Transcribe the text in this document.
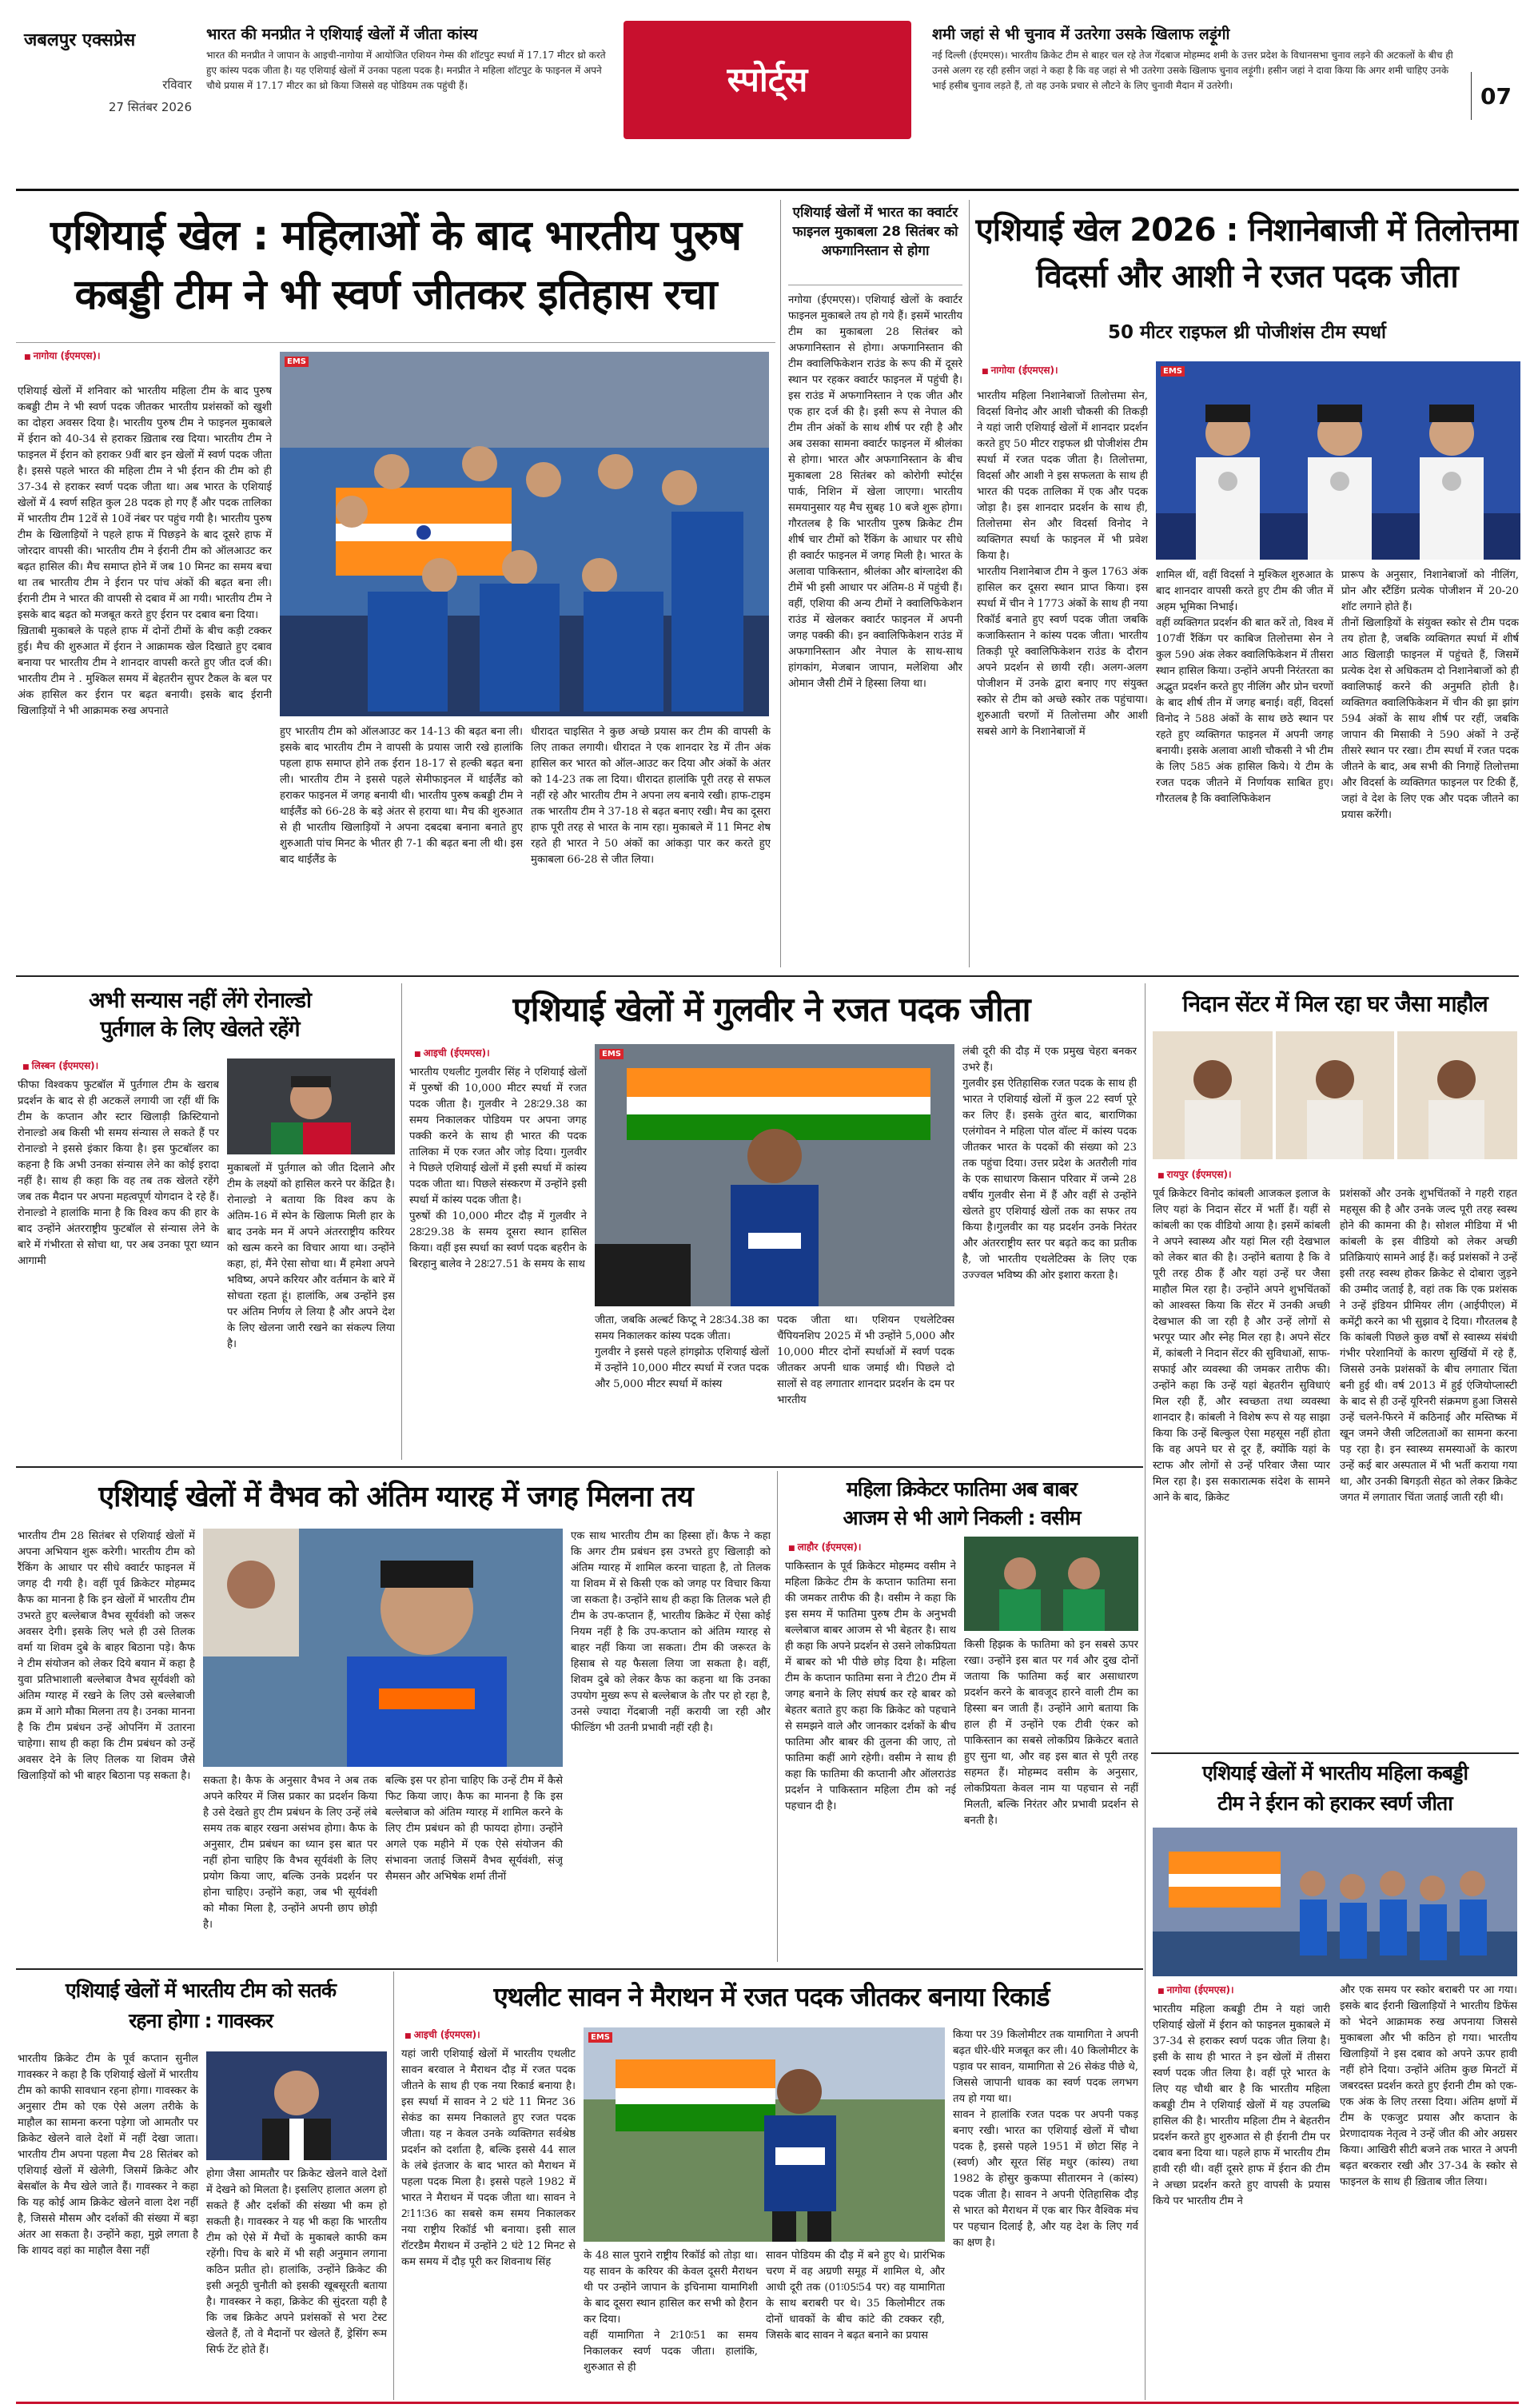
जबलपुर एक्सप्रेस
रविवार
27 सितंबर 2026
भारत की मनप्रीत ने एशियाई खेलों में जीता कांस्य
भारत की मनप्रीत ने जापान के आइची-नागोया में आयोजित एशियन गेम्स की शॉटपुट स्पर्धा में 17.17 मीटर थ्रो करते हुए कांस्य पदक जीता है। यह एशियाई खेलों में उनका पहला पदक है। मनप्रीत ने महिला शॉटपुट के फाइनल में अपने चौथे प्रयास में 17.17 मीटर का थ्रो किया जिससे वह पोडियम तक पहुंची हैं।	स्पोर्ट्स
शमी जहां से भी चुनाव में उतरेगा उसके खिलाफ लड़ूंगी
नई दिल्ली (ईएमएस)। भारतीय क्रिकेट टीम से बाहर चल रहे तेज गेंदबाज मोहम्मद शमी के उत्तर प्रदेश के विधानसभा चुनाव लड़ने की अटकलों के बीच ही उनसे अलग रह रही हसीन जहां ने कहा है कि वह जहां से भी उतरेगा उसके खिलाफ चुनाव लड़ूंगी। हसीन जहां ने दावा किया कि अगर शमी चाहिए उनके भाई हसीब चुनाव लड़ते हैं, तो वह उनके प्रचार से लौटने के लिए चुनावी मैदान में उतरेगी।	07
एशियाई खेल : महिलाओं के बाद भारतीय पुरुष
कबड्डी टीम ने भी स्वर्ण जीतकर इतिहास रचा
■ नागोया (ईएमएस)।
एशियाई खेलों में शनिवार को भारतीय महिला टीम के बाद पुरुष कबड्डी टीम ने भी स्वर्ण पदक जीतकर भारतीय प्रशंसकों को खुशी का दोहरा अवसर दिया है। भारतीय पुरुष टीम ने फाइनल मुकाबले में ईरान को 40-34 से हराकर ख़िताब रख दिया। भारतीय टीम ने फाइनल में ईरान को हराकर 9वीं बार इन खेलों में स्वर्ण पदक जीता है। इससे पहले भारत की महिला टीम ने भी ईरान की टीम को ही 37-34 से हराकर स्वर्ण पदक जीता था। अब भारत के एशियाई खेलों में 4 स्वर्ण सहित कुल 28 पदक हो गए हैं और पदक तालिका में भारतीय टीम 12वें से 10वें नंबर पर पहुंच गयी है। भारतीय पुरुष टीम के खिलाड़ियों ने पहले हाफ में पिछड़ने के बाद दूसरे हाफ में जोरदार वापसी की। भारतीय टीम ने ईरानी टीम को ऑलआउट कर बढ़त हासिल की। मैच समाप्त होने में जब 10 मिनट का समय बचा था तब भारतीय टीम ने ईरान पर पांच अंकों की बढ़त बना ली। ईरानी टीम ने भारत की वापसी से दबाव में आ गयी। भारतीय टीम ने इसके बाद बढ़त को मजबूत करते हुए ईरान पर दबाव बना दिया।
ख़िताबी मुकाबले के पहले हाफ में दोनों टीमों के बीच कड़ी टक्कर हुई। मैच की शुरुआत में ईरान ने आक्रामक खेल दिखाते हुए दबाव बनाया पर भारतीय टीम ने शानदार वापसी करते हुए जीत दर्ज की। भारतीय टीम ने . मुश्किल समय में बेहतरीन सुपर टैकल के बल पर अंक हासिल कर ईरान पर बढ़त बनायी। इसके बाद ईरानी खिलाड़ियों ने भी आक्रामक रुख अपनाते
EMS
हुए भारतीय टीम को ऑलआउट कर 14-13 की बढ़त बना ली। इसके बाद भारतीय टीम ने वापसी के प्रयास जारी रखे हालांकि पहला हाफ समाप्त होने तक ईरान 18-17 से हल्की बढ़त बना ली। भारतीय टीम ने इससे पहले सेमीफाइनल में थाईलैंड को हराकर फाइनल में जगह बनायी थी। भारतीय पुरुष कबड्डी टीम ने थाईलैंड को 66-28 के बड़े अंतर से हराया था। मैच की शुरुआत से ही भारतीय खिलाड़ियों ने अपना दबदबा बनाना बनाते हुए शुरुआती पांच मिनट के भीतर ही 7-1 की बढ़त बना ली थी। इस बाद थाईलैंड के
धीरादत चाइसित ने कुछ अच्छे प्रयास कर टीम की वापसी के लिए ताकत लगायी। धीरादत ने एक शानदार रेड में तीन अंक हासिल कर भारत को ऑल-आउट कर दिया और अंकों के अंतर को 14-23 तक ला दिया। धीरादत हालांकि पूरी तरह से सफल नहीं रहे और भारतीय टीम ने अपना लय बनाये रखी। हाफ-टाइम तक भारतीय टीम ने 37-18 से बढ़त बनाए रखी। मैच का दूसरा हाफ पूरी तरह से भारत के नाम रहा। मुकाबले में 11 मिनट शेष रहते ही भारत ने 50 अंकों का आंकड़ा पार कर करते हुए मुकाबला 66-28 से जीत लिया।
एशियाई खेलों में भारत का क्वार्टर फाइनल मुकाबला 28 सितंबर को अफगानिस्तान से होगा
नगोया (ईएमएस)। एशियाई खेलों के क्वार्टर फाइनल मुकाबले तय हो गये हैं। इसमें भारतीय टीम का मुकाबला 28 सितंबर को अफगानिस्तान से होगा। अफगानिस्तान की टीम क्वालिफिकेशन राउंड के रूप की में दूसरे स्थान पर रहकर क्वार्टर फाइनल में पहुंची है। इस राउंड में अफगानिस्तान ने एक जीत और एक हार दर्ज की है। इसी रूप से नेपाल की टीम तीन अंकों के साथ शीर्ष पर रही है और अब उसका सामना क्वार्टर फाइनल में श्रीलंका से होगा। भारत और अफगानिस्तान के बीच मुकाबला 28 सितंबर को कोरोगी स्पोर्ट्स पार्क, निशिन में खेला जाएगा। भारतीय समयानुसार यह मैच सुबह 10 बजे शुरू होगा। गौरतलब है कि भारतीय पुरुष क्रिकेट टीम शीर्ष चार टीमों को रैंकिंग के आधार पर सीधे ही क्वार्टर फाइनल में जगह मिली है। भारत के अलावा पाकिस्तान, श्रीलंका और बांग्लादेश की टीमें भी इसी आधार पर अंतिम-8 में पहुंची हैं। वहीं, एशिया की अन्य टीमों ने क्वालिफिकेशन राउंड में खेलकर क्वार्टर फाइनल में अपनी जगह पक्की की। इन क्वालिफिकेशन राउंड में अफगानिस्तान और नेपाल के साथ-साथ हांगकांग, मेजबान जापान, मलेशिया और ओमान जैसी टीमें ने हिस्सा लिया था।
एशियाई खेल 2026 : निशानेबाजी में तिलोत्तमा
विदर्सा और आशी ने रजत पदक जीता
50 मीटर राइफल थ्री पोजीशंस टीम स्पर्धा
■ नागोया (ईएमएस)।
भारतीय महिला निशानेबाजों तिलोत्तमा सेन, विदर्सा विनोद और आशी चौकसी की तिकड़ी ने यहां जारी एशियाई खेलों में शानदार प्रदर्शन करते हुए 50 मीटर राइफल थ्री पोजीशंस टीम स्पर्धा में रजत पदक जीता है। तिलोत्तमा, विदर्सा और आशी ने इस सफलता के साथ ही भारत की पदक तालिका में एक और पदक जोड़ा है। इस शानदार प्रदर्शन के साथ ही, तिलोत्तमा सेन और विदर्सा विनोद ने व्यक्तिगत स्पर्धा के फाइनल में भी प्रवेश किया है।
भारतीय निशानेबाज टीम ने कुल 1763 अंक हासिल कर दूसरा स्थान प्राप्त किया। इस स्पर्धा में चीन ने 1773 अंकों के साथ ही नया रिकॉर्ड बनाते हुए स्वर्ण पदक जीता जबकि कजाकिस्तान ने कांस्य पदक जीता। भारतीय तिकड़ी पूरे क्वालिफिकेशन राउंड के दौरान अपने प्रदर्शन से छायी रही। अलग-अलग पोजीशन में उनके द्वारा बनाए गए संयुक्त स्कोर से टीम को अच्छे स्कोर तक पहुंचाया। शुरुआती चरणों में तिलोत्तमा और आशी सबसे आगे के निशानेबाजों में
EMS
शामिल थीं, वहीं विदर्सा ने मुश्किल शुरुआत के बाद शानदार वापसी करते हुए टीम की जीत में अहम भूमिका निभाई।
वहीं व्यक्तिगत प्रदर्शन की बात करें तो, विश्व में 107वीं रैंकिंग पर काबिज तिलोत्तमा सेन ने कुल 590 अंक लेकर क्वालिफिकेशन में तीसरा स्थान हासिल किया। उन्होंने अपनी निरंतरता का अद्भुत प्रदर्शन करते हुए नीलिंग और प्रोन चरणों के बाद शीर्ष तीन में जगह बनाई। वहीं, विदर्सा विनोद ने 588 अंकों के साथ छठे स्थान पर रहते हुए व्यक्तिगत फाइनल में अपनी जगह बनायी। इसके अलावा आशी चौकसी ने भी टीम के लिए 585 अंक हासिल किये। ये टीम के रजत पदक जीतने में निर्णायक साबित हुए। गौरतलब है कि क्वालिफिकेशन
प्रारूप के अनुसार, निशानेबाजों को नीलिंग, प्रोन और स्टैंडिंग प्रत्येक पोजीशन में 20-20 शॉट लगाने होते हैं।
तीनों खिलाड़ियों के संयुक्त स्कोर से टीम पदक तय होता है, जबकि व्यक्तिगत स्पर्धा में शीर्ष आठ खिलाड़ी फाइनल में पहुंचते हैं, जिसमें प्रत्येक देश से अधिकतम दो निशानेबाजों को ही क्वालिफाई करने की अनुमति होती है। व्यक्तिगत क्वालिफिकेशन में चीन की झा झांग 594 अंकों के साथ शीर्ष पर रहीं, जबकि जापान की मिसाकी ने 590 अंकों ने उन्हें तीसरे स्थान पर रखा। टीम स्पर्धा में रजत पदक जीतने के बाद, अब सभी की निगाहें तिलोत्तमा और विदर्सा के व्यक्तिगत फाइनल पर टिकी हैं, जहां वे देश के लिए एक और पदक जीतने का प्रयास करेंगी।
अभी सन्यास नहीं लेंगे रोनाल्डो
पुर्तगाल के लिए खेलते रहेंगे
■ लिस्बन (ईएमएस)।
फीफा विश्वकप फुटबॉल में पुर्तगाल टीम के खराब प्रदर्शन के बाद से ही अटकलें लगायी जा रहीं थीं कि टीम के कप्तान और स्टार खिलाड़ी क्रिस्टियानो रोनाल्डो अब किसी भी समय संन्यास ले सकते हैं पर रोनाल्डो ने इससे इंकार किया है। इस फुटबॉलर का कहना है कि अभी उनका संन्यास लेने का कोई इरादा नहीं है। साथ ही कहा कि वह तब तक खेलते रहेंगे जब तक मैदान पर अपना महत्वपूर्ण योगदान दे रहे हैं। रोनाल्डो ने हालांकि माना है कि विश्व कप की हार के बाद उन्होंने अंतरराष्ट्रीय फुटबॉल से संन्यास लेने के बारे में गंभीरता से सोचा था, पर अब उनका पूरा ध्यान आगामी
मुकाबलों में पुर्तगाल को जीत दिलाने और टीम के लक्ष्यों को हासिल करने पर केंद्रित है। रोनाल्डो ने बताया कि विश्व कप के अंतिम-16 में स्पेन के खिलाफ मिली हार के बाद उनके मन में अपने अंतरराष्ट्रीय करियर को खत्म करने का विचार आया था। उन्होंने कहा, हां, मैंने ऐसा सोचा था। मैं हमेशा अपने भविष्य, अपने करियर और वर्तमान के बारे में सोचता रहता हूं। हालांकि, अब उन्होंने इस पर अंतिम निर्णय ले लिया है और अपने देश के लिए खेलना जारी रखने का संकल्प लिया है।
एशियाई खेलों में गुलवीर ने रजत पदक जीता
■ आइची (ईएमएस)।
भारतीय एथलीट गुलवीर सिंह ने एशियाई खेलों में पुरुषों की 10,000 मीटर स्पर्धा में रजत पदक जीता है। गुलवीर ने 28ः29.38 का समय निकालकर पोडियम पर अपना जगह पक्की करने के साथ ही भारत की पदक तालिका में एक रजत और जोड़ दिया। गुलवीर ने पिछले एशियाई खेलों में इसी स्पर्धा में कांस्य पदक जीता था। पिछले संस्करण में उन्होंने इसी स्पर्धा में कांस्य पदक जीता है।
पुरुषों की 10,000 मीटर दौड़ में गुलवीर ने 28ः29.38 के समय दूसरा स्थान हासिल किया। वहीं इस स्पर्धा का स्वर्ण पदक बहरीन के बिरहानु बालेव ने 28ः27.51 के समय के साथ
EMS
जीता, जबकि अल्बर्ट किप्टू ने 28ः34.38 का समय निकालकर कांस्य पदक जीता।
गुलवीर ने इससे पहले हांगझोऊ एशियाई खेलों में उन्होंने 10,000 मीटर स्पर्धा में रजत पदक और 5,000 मीटर स्पर्धा में कांस्य
पदक जीता था। एशियन एथलेटिक्स चैंपियनशिप 2025 में भी उन्होंने 5,000 और 10,000 मीटर दोनों स्पर्धाओं में स्वर्ण पदक जीतकर अपनी धाक जमाई थी। पिछले दो सालों से वह लगातार शानदार प्रदर्शन के दम पर भारतीय
लंबी दूरी की दौड़ में एक प्रमुख चेहरा बनकर उभरे हैं।
गुलवीर इस ऐतिहासिक रजत पदक के साथ ही भारत ने एशियाई खेलों में कुल 22 स्वर्ण पूरे कर लिए हैं। इसके तुरंत बाद, बाराणिका एलंगोवन ने महिला पोल वॉल्ट में कांस्य पदक जीतकर भारत के पदकों की संख्या को 23 तक पहुंचा दिया। उत्तर प्रदेश के अतरौली गांव के एक साधारण किसान परिवार में जन्मे 28 वर्षीय गुलवीर सेना में हैं और वहीं से उन्होंने खेलते हुए एशियाई खेलों तक का सफर तय किया है।गुलवीर का यह प्रदर्शन उनके निरंतर और अंतरराष्ट्रीय स्तर पर बढ़ते कद का प्रतीक है, जो भारतीय एथलेटिक्स के लिए एक उज्ज्वल भविष्य की ओर इशारा करता है।
निदान सेंटर में मिल रहा घर जैसा माहौल
■ रायपुर (ईएमएस)।
पूर्व क्रिकेटर विनोद कांबली आजकल इलाज के लिए यहां के निदान सेंटर में भर्ती हैं। यहीं से कांबली का एक वीडियो आया है। इसमें कांबली ने अपने स्वास्थ्य और यहां मिल रही देखभाल को लेकर बात की है। उन्होंने बताया है कि वे पूरी तरह ठीक हैं और यहां उन्हें घर जैसा माहौल मिल रहा है। उन्होंने अपने शुभचिंतकों को आश्वस्त किया कि सेंटर में उनकी अच्छी देखभाल की जा रही है और उन्हें लोगों से भरपूर प्यार और स्नेह मिल रहा है। अपने सेंटर में, कांबली ने निदान सेंटर की सुविधाओं, साफ-सफाई और व्यवस्था की जमकर तारीफ की। उन्होंने कहा कि उन्हें यहां बेहतरीन सुविधाएं मिल रही हैं, और स्वच्छता तथा व्यवस्था शानदार है। कांबली ने विशेष रूप से यह साझा किया कि उन्हें बिल्कुल ऐसा महसूस नहीं होता कि वह अपने घर से दूर हैं, क्योंकि यहां के स्टाफ और लोगों से उन्हें परिवार जैसा प्यार मिल रहा है। इस सकारात्मक संदेश के सामने आने के बाद, क्रिकेट
प्रशंसकों और उनके शुभचिंतकों ने गहरी राहत महसूस की है और उनके जल्द पूरी तरह स्वस्थ होने की कामना की है। सोशल मीडिया में भी कांबली के इस वीडियो को लेकर अच्छी प्रतिक्रियाएं सामने आई हैं। कई प्रशंसकों ने उन्हें इसी तरह स्वस्थ होकर क्रिकेट से दोबारा जुड़ने की उम्मीद जताई है, वहां तक कि एक प्रशंसक ने उन्हें इंडियन प्रीमियर लीग (आईपीएल) में कमेंट्री करने का भी सुझाव दे दिया। गौरतलब है कि कांबली पिछले कुछ वर्षों से स्वास्थ्य संबंधी गंभीर परेशानियों के कारण सुर्खियों में रहे हैं, जिससे उनके प्रशंसकों के बीच लगातार चिंता बनी हुई थी। वर्ष 2013 में हुई एंजियोप्लास्टी के बाद से ही उन्हें यूरिनरी संक्रमण हुआ जिससे उन्हें चलने-फिरने में कठिनाई और मस्तिष्क में खून जमने जैसी जटिलताओं का सामना करना पड़ रहा है। इन स्वास्थ्य समस्याओं के कारण उन्हें कई बार अस्पताल में भी भर्ती कराया गया था, और उनकी बिगड़ती सेहत को लेकर क्रिकेट जगत में लगातार चिंता जताई जाती रही थी।
एशियाई खेलों में वैभव को अंतिम ग्यारह में जगह मिलना तय
भारतीय टीम 28 सितंबर से एशियाई खेलों में अपना अभियान शुरू करेगी। भारतीय टीम को रैंकिंग के आधार पर सीधे क्वार्टर फाइनल में जगह दी गयी है। वहीं पूर्व क्रिकेटर मोहम्मद कैफ का मानना है कि इन खेलों में भारतीय टीम उभरते हुए बल्लेबाज वैभव सूर्यवंशी को जरूर अवसर देगी। इसके लिए भले ही उसे तिलक वर्मा या शिवम दुबे के बाहर बिठाना पड़े। कैफ ने टीम संयोजन को लेकर दिये बयान में कहा है युवा प्रतिभाशाली बल्लेबाज वैभव सूर्यवंशी को अंतिम ग्यारह में रखने के लिए उसे बल्लेबाजी क्रम में आगे मौका मिलना तय है। उनका मानना है कि टीम प्रबंधन उन्हें ओपनिंग में उतारना चाहेगा। साथ ही कहा कि टीम प्रबंधन को उन्हें अवसर देने के लिए तिलक या शिवम जैसे खिलाड़ियों को भी बाहर बिठाना पड़ सकता है।	सकता है। कैफ के अनुसार वैभव ने अब तक अपने करियर में जिस प्रकार का प्रदर्शन किया है उसे देखते हुए टीम प्रबंधन के लिए उन्हें लंबे समय तक बाहर रखना असंभव होगा। कैफ के अनुसार, टीम प्रबंधन का ध्यान इस बात पर नहीं होना चाहिए कि वैभव सूर्यवंशी के लिए प्रयोग किया जाए, बल्कि उनके प्रदर्शन पर होना चाहिए। उन्होंने कहा, जब भी सूर्यवंशी को मौका मिला है, उन्होंने अपनी छाप छोड़ी है।
बल्कि इस पर होना चाहिए कि उन्हें टीम में कैसे फिट किया जाए। कैफ का मानना है कि इस बल्लेबाज को अंतिम ग्यारह में शामिल करने के लिए टीम प्रबंधन को ही फायदा होगा। उन्होंने अगले एक महीने में एक ऐसे संयोजन की संभावना जताई जिसमें वैभव सूर्यवंशी, संजू सैमसन और अभिषेक शर्मा तीनों
एक साथ भारतीय टीम का हिस्सा हों। कैफ ने कहा कि अगर टीम प्रबंधन इस उभरते हुए खिलाड़ी को अंतिम ग्यारह में शामिल करना चाहता है, तो तिलक या शिवम में से किसी एक को जगह पर विचार किया जा सकता है। उन्होंने साथ ही कहा कि तिलक भले ही टीम के उप-कप्तान हैं, भारतीय क्रिकेट में ऐसा कोई नियम नहीं है कि उप-कप्तान को अंतिम ग्यारह से बाहर नहीं किया जा सकता। टीम की जरूरत के हिसाब से यह फैसला लिया जा सकता है। वहीं, शिवम दुबे को लेकर कैफ का कहना था कि उनका उपयोग मुख्य रूप से बल्लेबाज के तौर पर हो रहा है, उनसे ज्यादा गेंदबाजी नहीं करायी जा रही और फील्डिंग भी उतनी प्रभावी नहीं रही है।
महिला क्रिकेटर फातिमा अब बाबर
आजम से भी आगे निकली : वसीम
■ लाहौर (ईएमएस)।
पाकिस्तान के पूर्व क्रिकेटर मोहम्मद वसीम ने महिला क्रिकेट टीम के कप्तान फातिमा सना की जमकर तारीफ की है। वसीम ने कहा कि इस समय में फातिमा पुरुष टीम के अनुभवी बल्लेबाज बाबर आजम से भी बेहतर है। साथ ही कहा कि अपने प्रदर्शन से उसने लोकप्रियता में बाबर को भी पीछे छोड़ दिया है। महिला टीम के कप्तान फातिमा सना ने टी20 टीम में जगह बनाने के लिए संघर्ष कर रहे बाबर को बेहतर बताते हुए कहा कि क्रिकेट को पहचाने से समझने वाले और जानकार दर्शकों के बीच फातिमा और बाबर की तुलना की जाए, तो फातिमा कहीं आगे रहेगी। वसीम ने साथ ही कहा कि फातिमा की कप्तानी और ऑलराउंड प्रदर्शन ने पाकिस्तान महिला टीम को नई पहचान दी है।
किसी हिझक के फातिमा को इन सबसे ऊपर रखा। उन्होंने इस बात पर गर्व और दुख दोनों जताया कि फातिमा कई बार असाधारण प्रदर्शन करने के बावजूद हारने वाली टीम का हिस्सा बन जाती हैं। उन्होंने आगे बताया कि हाल ही में उन्होंने एक टीवी एंकर को पाकिस्तान का सबसे लोकप्रिय क्रिकेटर बताते हुए सुना था, और वह इस बात से पूरी तरह सहमत हैं। मोहम्मद वसीम के अनुसार, लोकप्रियता केवल नाम या पहचान से नहीं मिलती, बल्कि निरंतर और प्रभावी प्रदर्शन से बनती है।
एशियाई खेलों में भारतीय महिला कबड्डी
टीम ने ईरान को हराकर स्वर्ण जीता
■ नागोया (ईएमएस)।
भारतीय महिला कबड्डी टीम ने यहां जारी एशियाई खेलों में ईरान को फाइनल मुकाबले में 37-34 से हराकर स्वर्ण पदक जीत लिया है। इसी के साथ ही भारत ने इन खेलों में तीसरा स्वर्ण पदक जीत लिया है। वहीं पूरे भारत के लिए यह चौथी बार है कि भारतीय महिला कबड्डी टीम ने एशियाई खेलों में यह उपलब्धि हासिल की है। भारतीय महिला टीम ने बेहतरीन प्रदर्शन करते हुए शुरुआत से ही ईरानी टीम पर दबाव बना दिया था। पहले हाफ में भारतीय टीम हावी रही थी। वहीं दूसरे हाफ में ईरान की टीम ने अच्छा प्रदर्शन करते हुए वापसी के प्रयास किये पर भारतीय टीम ने
और एक समय पर स्कोर बराबरी पर आ गया। इसके बाद ईरानी खिलाड़ियों ने भारतीय डिफेंस को भेदने आक्रामक रुख अपनाया जिससे मुकाबला और भी कठिन हो गया। भारतीय खिलाड़ियों ने इस दबाव को अपने ऊपर हावी नहीं होने दिया। उन्होंने अंतिम कुछ मिनटों में जबरदस्त प्रदर्शन करते हुए ईरानी टीम को एक-एक अंक के लिए तरसा दिया। अंतिम क्षणों में टीम के एकजुट प्रयास और कप्तान के प्रेरणादायक नेतृत्व ने उन्हें जीत की ओर अग्रसर किया। आखिरी सीटी बजने तक भारत ने अपनी बढ़त बरकरार रखी और 37-34 के स्कोर से फाइनल के साथ ही ख़िताब जीत लिया।
एशियाई खेलों में भारतीय टीम को सतर्क
रहना होगा : गावस्कर
भारतीय क्रिकेट टीम के पूर्व कप्तान सुनील गावस्कर ने कहा है कि एशियाई खेलों में भारतीय टीम को काफी सावधान रहना होगा। गावस्कर के अनुसार टीम को एक ऐसे अलग तरीके के माहौल का सामना करना पड़ेगा जो आमतौर पर क्रिकेट खेलने वाले देशों में नहीं देखा जाता। भारतीय टीम अपना पहला मैच 28 सितंबर को एशियाई खेलों में खेलेगी, जिसमें क्रिकेट और बेसबॉल के मैच खेले जाते हैं। गावस्कर ने कहा कि यह कोई आम क्रिकेट खेलने वाला देश नहीं है, जिससे मौसम और दर्शकों की संख्या में बड़ा अंतर आ सकता है। उन्होंने कहा, मुझे लगता है कि शायद वहां का माहौल वैसा नहीं
होगा जैसा आमतौर पर क्रिकेट खेलने वाले देशों में देखने को मिलता है। इसलिए हालात अलग हो सकते हैं और दर्शकों की संख्या भी कम हो सकती है। गावस्कर ने यह भी कहा कि भारतीय टीम को ऐसे में मैचों के मुकाबले काफी कम रहेंगी। पिच के बारे में भी सही अनुमान लगाना कठिन प्रतीत हो। हालांकि, उन्होंने क्रिकेट की इसी अनूठी चुनौती को इसकी खूबसूरती बताया है। गावस्कर ने कहा, क्रिकेट की सुंदरता यही है कि जब क्रिकेट अपने प्रशंसकों से भरा टेस्ट खेलते हैं, तो वे मैदानों पर खेलते हैं, ड्रेसिंग रूम सिर्फ टेंट होते हैं।
एथलीट सावन ने मैराथन में रजत पदक जीतकर बनाया रिकार्ड
■ आइची (ईएमएस)।
यहां जारी एशियाई खेलों में भारतीय एथलीट सावन बरवाल ने मैराथन दौड़ में रजत पदक जीतने के साथ ही एक नया रिकार्ड बनाया है। इस स्पर्धा में सावन ने 2 घंटे 11 मिनट 36 सेकंड का समय निकालते हुए रजत पदक जीता। यह न केवल उनके व्यक्तिगत सर्वश्रेष्ठ प्रदर्शन को दर्शाता है, बल्कि इससे 44 साल के लंबे इंतजार के बाद भारत को मैराथन में पहला पदक मिला है। इससे पहले 1982 में भारत ने मैराथन में पदक जीता था। सावन ने 2ः11ः36 का सबसे कम समय निकालकर नया राष्ट्रीय रिकॉर्ड भी बनाया। इसी साल रॉटरडैम मैराथन में उन्होंने 2 घंटे 12 मिनट से कम समय में दौड़ पूरी कर शिवनाथ सिंह
EMS
के 48 साल पुराने राष्ट्रीय रिकॉर्ड को तोड़ा था। यह सावन के करियर की केवल दूसरी मैराथन थी पर उन्होंने जापान के इचिनामा यामागिशी के बाद दूसरा स्थान हासिल कर सभी को हैरान कर दिया।
वहीं यामागिता ने 2ः10ः51 का समय निकालकर स्वर्ण पदक जीता। हालांकि, शुरुआत से ही
सावन पोडियम की दौड़ में बने हुए थे। प्रारंभिक चरण में वह अग्रणी समूह में शामिल थे, और आधी दूरी तक (01ः05ः54 पर) वह यामागिता के साथ बराबरी पर थे। 35 किलोमीटर तक दोनों धावकों के बीच कांटे की टक्कर रही, जिसके बाद सावन ने बढ़त बनाने का प्रयास
किया पर 39 किलोमीटर तक यामागिता ने अपनी बढ़त धीरे-धीरे मजबूत कर ली। 40 किलोमीटर के पड़ाव पर सावन, यामागिता से 26 सेकंड पीछे थे, जिससे जापानी धावक का स्वर्ण पदक लगभग तय हो गया था।
सावन ने हालांकि रजत पदक पर अपनी पकड़ बनाए रखी। भारत का एशियाई खेलों में चौथा पदक है, इससे पहले 1951 में छोटा सिंह ने (स्वर्ण) और सूरत सिंह मधुर (कांस्य) तथा 1982 के होसुर कुकप्पा सीतारमन ने (कांस्य) पदक जीता है। सावन ने अपनी ऐतिहासिक दौड़ से भारत को मैराथन में एक बार फिर वैश्विक मंच पर पहचान दिलाई है, और यह देश के लिए गर्व का क्षण है।
